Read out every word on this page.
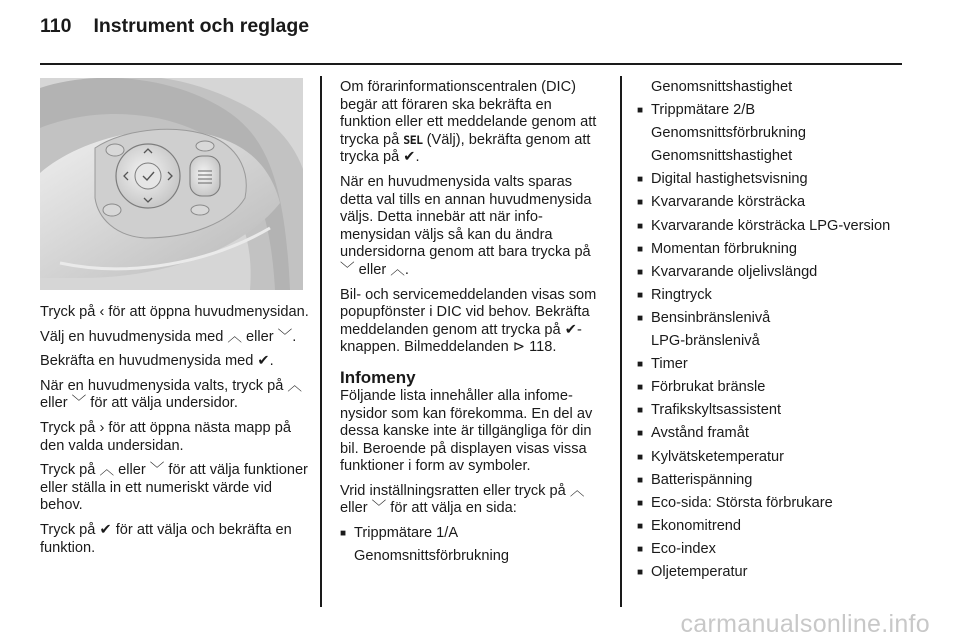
110 Instrument och reglage

Tryck på ‹ för att öppna huvudmenysidan.

Välj en huvudmenysida med ︿ eller ﹀.

Bekräfta en huvudmenysida med ✔.

När en huvudmenysida valts, tryck på ︿ eller ﹀ för att välja undersidor.

Tryck på › för att öppna nästa mapp på den valda undersidan.

Tryck på ︿ eller ﹀ för att välja funktioner eller ställa in ett numeriskt värde vid behov.

Tryck på ✔ för att välja och bekräfta en funktion.

Om förarinformationscentralen (DIC) begär att föraren ska bekräfta en funktion eller ett meddelande genom att trycka på SEL (Välj), bekräfta genom att trycka på ✔.

När en huvudmenysida valts sparas detta val tills en annan huvudmenysida väljs. Detta innebär att när infomenysidan väljs så kan du ändra undersidorna genom att bara trycka på ﹀ eller ︿.

Bil- och servicemeddelanden visas som popupfönster i DIC vid behov. Bekräfta meddelanden genom att trycka på ✔-knappen. Bilmeddelanden ⊳ 118.

Infomeny

Följande lista innehåller alla infomenysidor som kan förekomma. En del av dessa kanske inte är tillgängliga för din bil. Beroende på displayen visas vissa funktioner i form av symboler.

Vrid inställningsratten eller tryck på ︿ eller ﹀ för att välja en sida:

■ Trippmätare 1/A
Genomsnittsförbrukning
Genomsnittshastighet
■ Trippmätare 2/B
Genomsnittsförbrukning
Genomsnittshastighet
■ Digital hastighetsvisning
■ Kvarvarande körsträcka
■ Kvarvarande körsträcka LPG-version
■ Momentan förbrukning
■ Kvarvarande oljelivslängd
■ Ringtryck
■ Bensinbränslenivå
LPG-bränslenivå
■ Timer
■ Förbrukat bränsle
■ Trafikskyltsassistent
■ Avstånd framåt
■ Kylvätsketemperatur
■ Batterispänning
■ Eco-sida: Största förbrukare
■ Ekonomitrend
■ Eco-index
■ Oljetemperatur
carmanualsonline.info
